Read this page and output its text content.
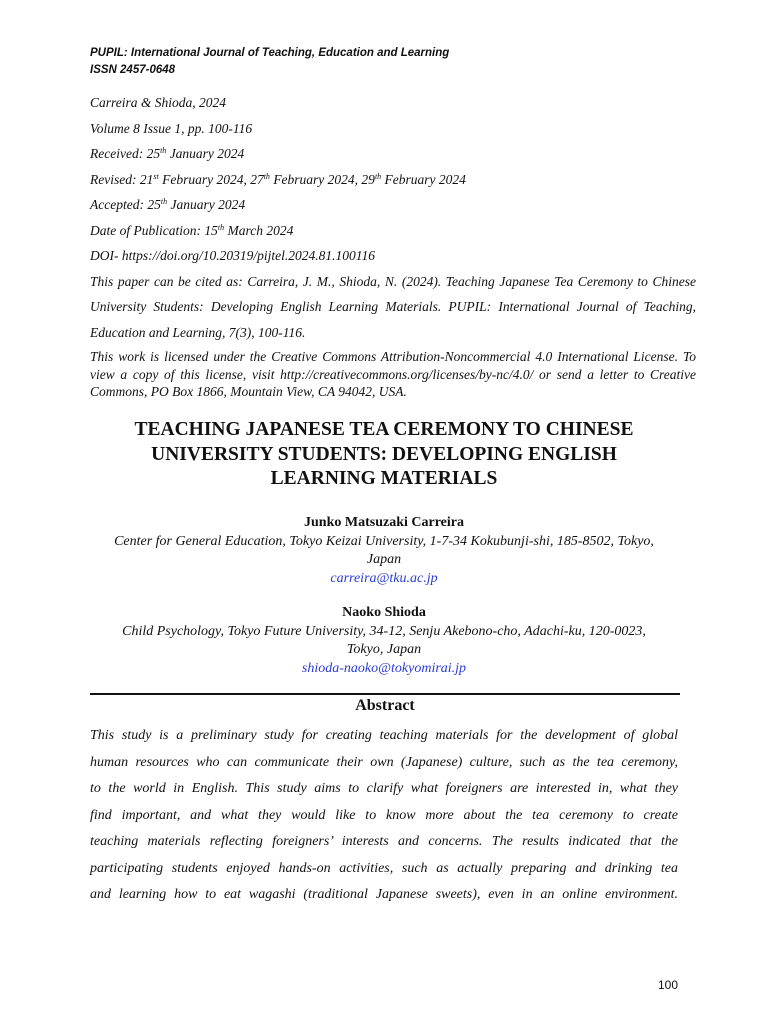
PUPIL: International Journal of Teaching, Education and Learning
ISSN 2457-0648
Carreira & Shioda, 2024
Volume 8 Issue 1, pp. 100-116
Received: 25th January 2024
Revised: 21st February 2024, 27th February 2024, 29th February 2024
Accepted: 25th January 2024
Date of Publication: 15th March 2024
DOI- https://doi.org/10.20319/pijtel.2024.81.100116
This paper can be cited as: Carreira, J. M., Shioda, N. (2024). Teaching Japanese Tea Ceremony to Chinese University Students: Developing English Learning Materials. PUPIL: International Journal of Teaching, Education and Learning, 7(3), 100-116.
This work is licensed under the Creative Commons Attribution-Noncommercial 4.0 International License. To view a copy of this license, visit http://creativecommons.org/licenses/by-nc/4.0/ or send a letter to Creative Commons, PO Box 1866, Mountain View, CA 94042, USA.
TEACHING JAPANESE TEA CEREMONY TO CHINESE
UNIVERSITY STUDENTS: DEVELOPING ENGLISH
LEARNING MATERIALS
Junko Matsuzaki Carreira
Center for General Education, Tokyo Keizai University, 1-7-34 Kokubunji-shi, 185-8502, Tokyo,
Japan
carreira@tku.ac.jp
Naoko Shioda
Child Psychology, Tokyo Future University, 34-12, Senju Akebono-cho, Adachi-ku, 120-0023,
Tokyo, Japan
shioda-naoko@tokyomirai.jp
Abstract
This study is a preliminary study for creating teaching materials for the development of global
human resources who can communicate their own (Japanese) culture, such as the tea ceremony,
to the world in English. This study aims to clarify what foreigners are interested in, what they
find important, and what they would like to know more about the tea ceremony to create
teaching materials reflecting foreigners’ interests and concerns. The results indicated that the
participating students enjoyed hands-on activities, such as actually preparing and drinking tea
and learning how to eat wagashi (traditional Japanese sweets), even in an online environment.
100
